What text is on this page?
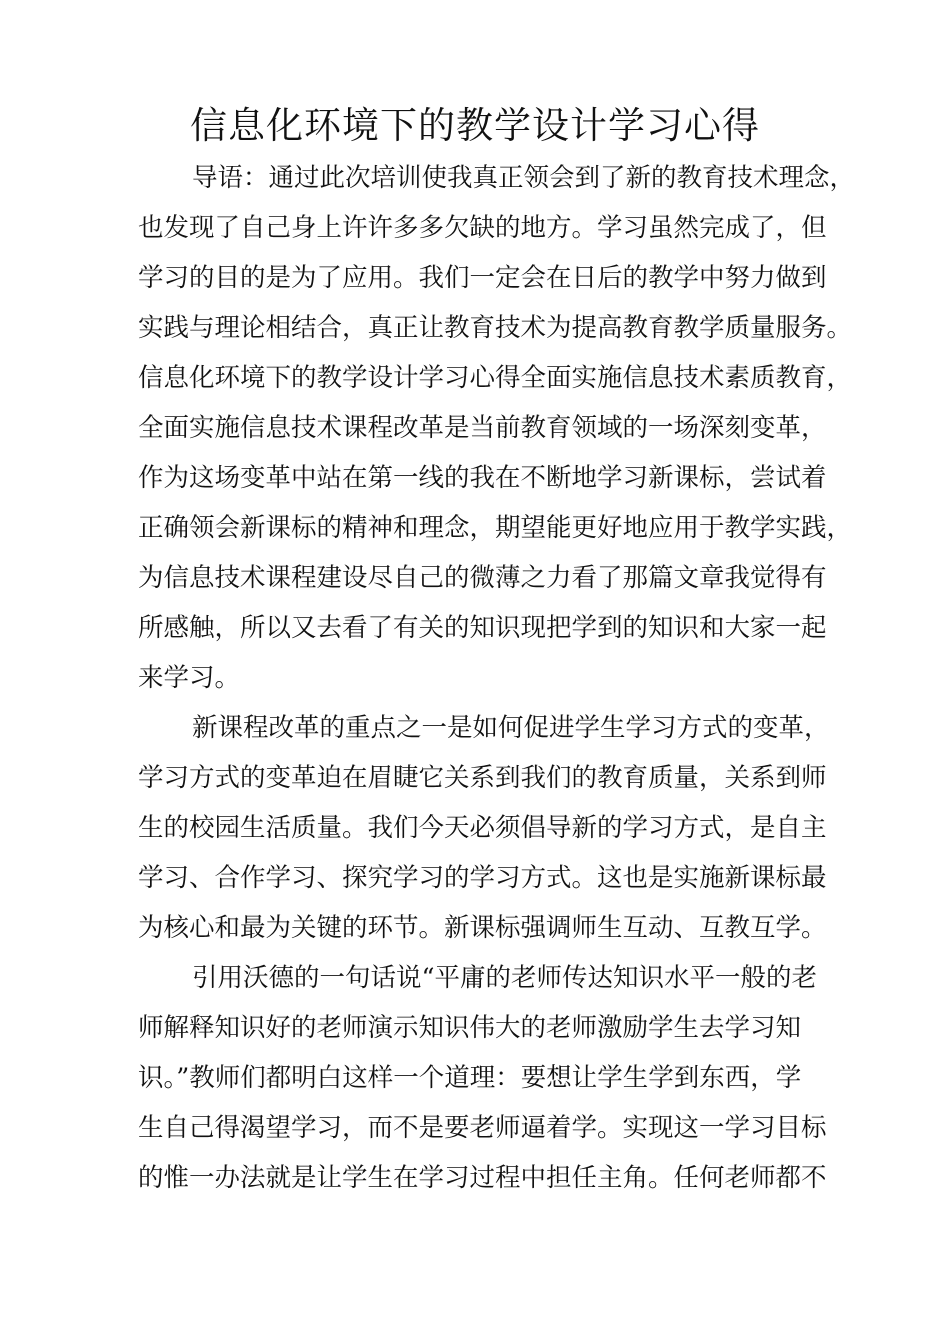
信息化环境下的教学设计学习心得

导语：通过此次培训使我真正领会到了新的教育技术理念，

也发现了自己身上许许多多欠缺的地方。学习虽然完成了，但

学习的目的是为了应用。我们一定会在日后的教学中努力做到

实践与理论相结合，真正让教育技术为提高教育教学质量服务。

信息化环境下的教学设计学习心得全面实施信息技术素质教育，

全面实施信息技术课程改革是当前教育领域的一场深刻变革，

作为这场变革中站在第一线的我在不断地学习新课标，尝试着

正确领会新课标的精神和理念，期望能更好地应用于教学实践，

为信息技术课程建设尽自己的微薄之力看了那篇文章我觉得有

所感触，所以又去看了有关的知识现把学到的知识和大家一起

来学习。

新课程改革的重点之一是如何促进学生学习方式的变革，

学习方式的变革迫在眉睫它关系到我们的教育质量，关系到师

生的校园生活质量。我们今天必须倡导新的学习方式，是自主

学习、合作学习、探究学习的学习方式。这也是实施新课标最

为核心和最为关键的环节。新课标强调师生互动、互教互学。

引用沃德的一句话说“平庸的老师传达知识水平一般的老

师解释知识好的老师演示知识伟大的老师激励学生去学习知

识。”教师们都明白这样一个道理：要想让学生学到东西，学

生自己得渴望学习，而不是要老师逼着学。实现这一学习目标

的惟一办法就是让学生在学习过程中担任主角。任何老师都不
